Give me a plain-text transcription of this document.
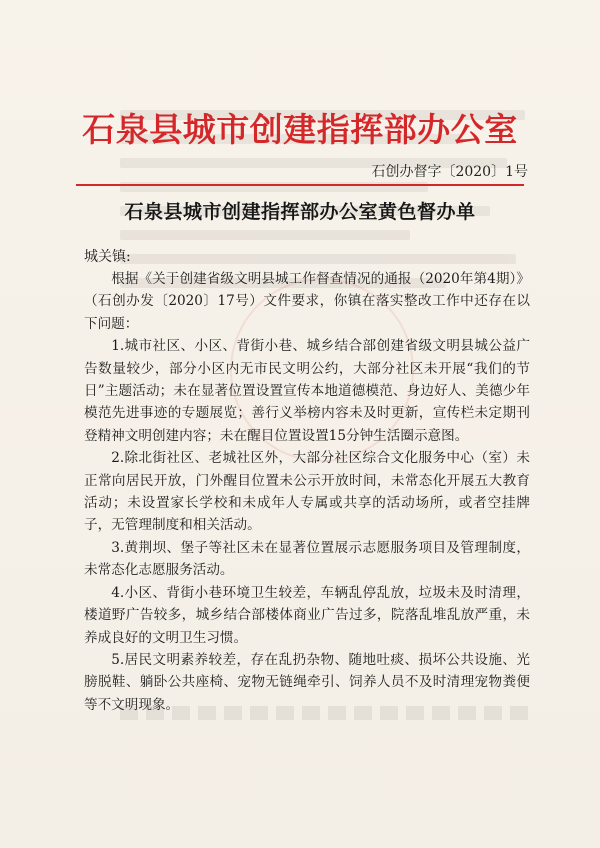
石泉县城市创建指挥部办公室
石创办督字〔2020〕1号
石泉县城市创建指挥部办公室黄色督办单
城关镇:

根据《关于创建省级文明县城工作督查情况的通报（2020年第4期）》（石创办发〔2020〕17号）文件要求，你镇在落实整改工作中还存在以下问题：

1.城市社区、小区、背街小巷、城乡结合部创建省级文明县城公益广告数量较少，部分小区内无市民文明公约，大部分社区未开展“我们的节日”主题活动；未在显著位置设置宣传本地道德模范、身边好人、美德少年模范先进事迹的专题展览；善行义举榜内容未及时更新，宣传栏未定期刊登精神文明创建内容；未在醒目位置设置15分钟生活圈示意图。

2.除北街社区、老城社区外，大部分社区综合文化服务中心（室）未正常向居民开放，门外醒目位置未公示开放时间，未常态化开展五大教育活动；未设置家长学校和未成年人专属或共享的活动场所，或者空挂牌子，无管理制度和相关活动。

3.黄荆坝、堡子等社区未在显著位置展示志愿服务项目及管理制度，未常态化志愿服务活动。

4.小区、背街小巷环境卫生较差，车辆乱停乱放，垃圾未及时清理，楼道野广告较多，城乡结合部楼体商业广告过多，院落乱堆乱放严重，未养成良好的文明卫生习惯。

5.居民文明素养较差，存在乱扔杂物、随地吐痰、损坏公共设施、光膀脱鞋、躺卧公共座椅、宠物无链绳牵引、饲养人员不及时清理宠物粪便等不文明现象。
